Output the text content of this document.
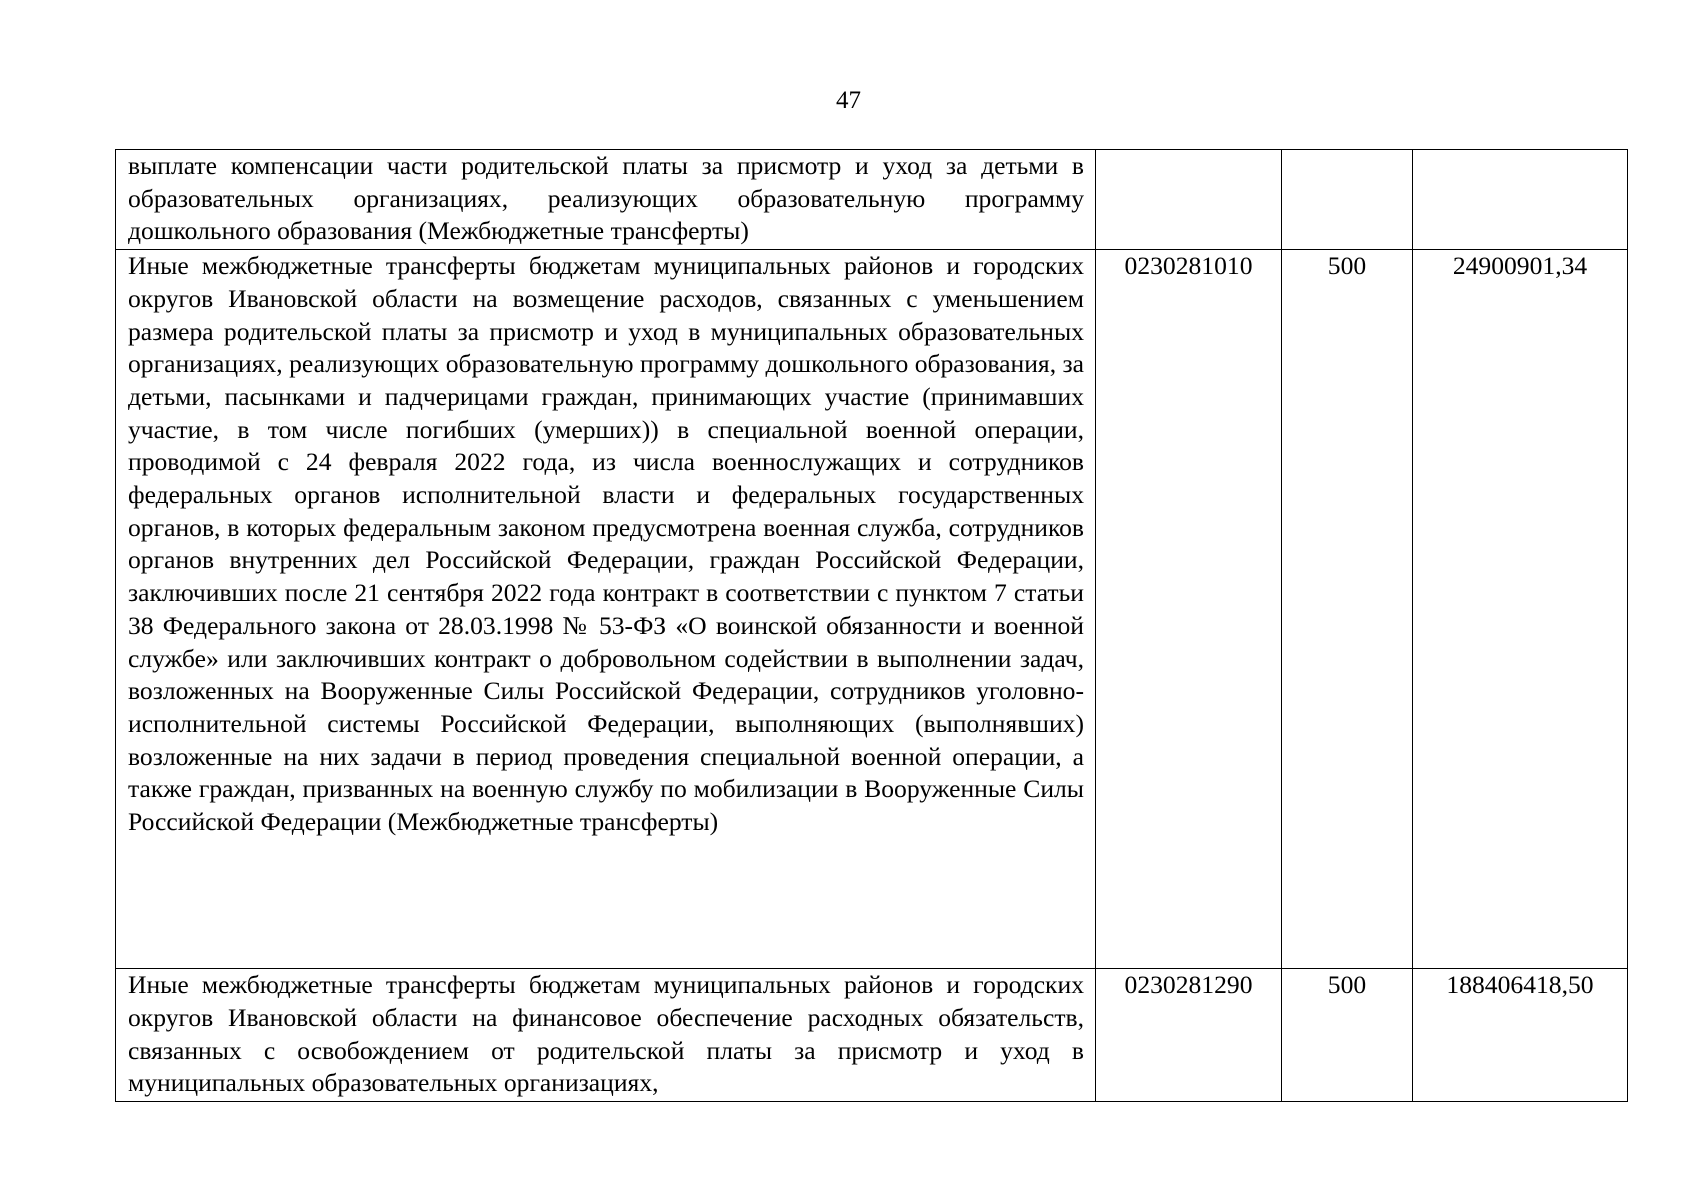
47
выплате компенсации части родительской платы за присмотр и уход за детьми в образовательных организациях, реализующих образовательную программу дошкольного образования (Межбюджетные трансферты)			

Иные межбюджетные трансферты бюджетам муниципальных районов и городских округов Ивановской области на возмещение расходов, связанных с уменьшением размера родительской платы за присмотр и уход в муниципальных образовательных организациях, реализующих образовательную программу дошкольного образования, за детьми, пасынками и падчерицами граждан, принимающих участие (принимавших участие, в том числе погибших (умерших)) в специальной военной операции, проводимой с 24 февраля 2022 года, из числа военнослужащих и сотрудников федеральных органов исполнительной власти и федеральных государственных органов, в которых федеральным законом предусмотрена военная служба, сотрудников органов внутренних дел Российской Федерации, граждан Российской Федерации, заключивших после 21 сентября 2022 года контракт в соответствии с пунктом 7 статьи 38 Федерального закона от 28.03.1998 № 53-ФЗ «О воинской обязанности и военной службе» или заключивших контракт о добровольном содействии в выполнении задач, возложенных на Вооруженные Силы Российской Федерации, сотрудников уголовно-исполнительной системы Российской Федерации, выполняющих (выполнявших) возложенные на них задачи в период проведения специальной военной операции, а также граждан, призванных на военную службу по мобилизации в Вооруженные Силы Российской Федерации (Межбюджетные трансферты)	0230281010	500	24900901,34

Иные межбюджетные трансферты бюджетам муниципальных районов и городских округов Ивановской области на финансовое обеспечение расходных обязательств, связанных с освобождением от родительской платы за присмотр и уход в муниципальных образовательных организациях,	0230281290	500	188406418,50
